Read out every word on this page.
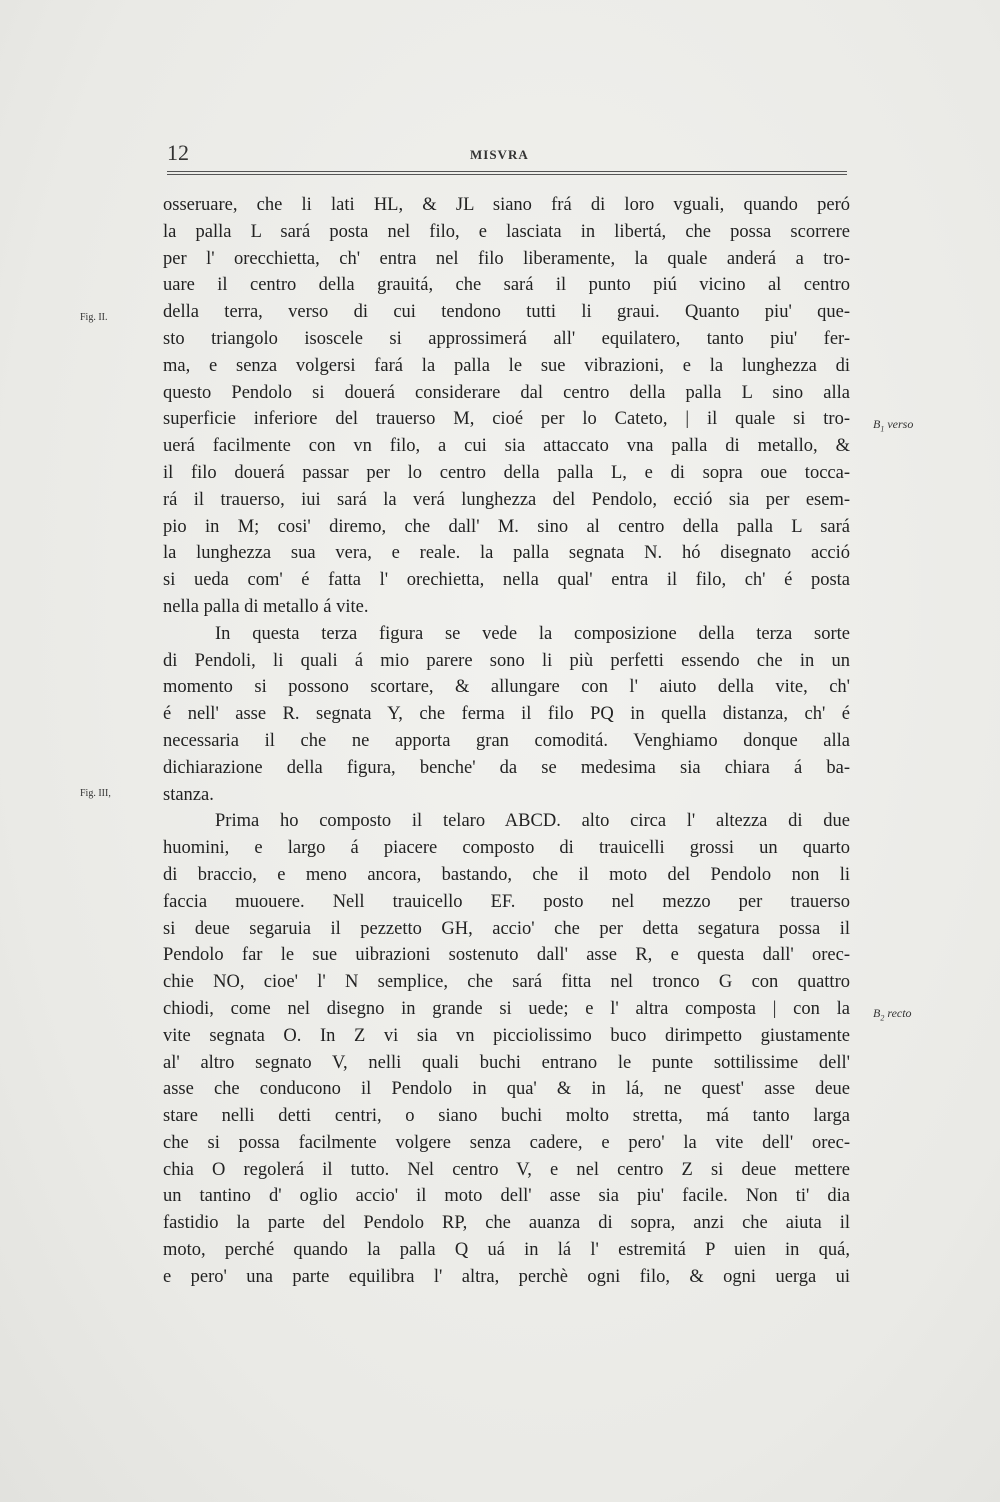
12	MISVRA
Fig. II.
Fig. III,
$B_1$ verso
$B_2$ recto
osseruare, che li lati HL, & JL siano frá di loro vguali, quando peró
la palla L sará posta nel filo, e lasciata in libertá, che possa scorrere
per l' orecchietta, ch' entra nel filo liberamente, la quale anderá a tro-
uare il centro della grauitá, che sará il punto piú vicino al centro
della terra, verso di cui tendono tutti li graui. Quanto piu' que-
sto triangolo isoscele si approssimerá all' equilatero, tanto piu' fer-
ma, e senza volgersi fará la palla le sue vibrazioni, e la lunghezza di
questo Pendolo si douerá considerare dal centro della palla L sino alla
superficie inferiore del trauerso M, cioé per lo Cateto, | il quale si tro-
uerá facilmente con vn filo, a cui sia attaccato vna palla di metallo, &
il filo douerá passar per lo centro della palla L, e di sopra oue tocca-
rá il trauerso, iui sará la verá lunghezza del Pendolo, ecció sia per esem-
pio in M; cosi' diremo, che dall' M. sino al centro della palla L sará
la lunghezza sua vera, e reale. la palla segnata N. hó disegnato acció
si ueda com' é fatta l' orechietta, nella qual' entra il filo, ch' é posta
nella palla di metallo á vite.
In questa terza figura se vede la composizione della terza sorte
di Pendoli, li quali á mio parere sono li più perfetti essendo che in un
momento si possono scortare, & allungare con l' aiuto della vite, ch'
é nell' asse R. segnata Y, che ferma il filo PQ in quella distanza, ch' é
necessaria il che ne apporta gran comoditá. Venghiamo donque alla
dichiarazione della figura, benche' da se medesima sia chiara á ba-
stanza.
Prima ho composto il telaro ABCD. alto circa l' altezza di due
huomini, e largo á piacere composto di trauicelli grossi un quarto
di braccio, e meno ancora, bastando, che il moto del Pendolo non li
faccia muouere. Nell trauicello EF. posto nel mezzo per trauerso
si deue segaruia il pezzetto GH, accio' che per detta segatura possa il
Pendolo far le sue uibrazioni sostenuto dall' asse R, e questa dall' orec-
chie NO, cioe' l' N semplice, che sará fitta nel tronco G con quattro
chiodi, come nel disegno in grande si uede; e l' altra composta | con la
vite segnata O. In Z vi sia vn picciolissimo buco dirimpetto giustamente
al' altro segnato V, nelli quali buchi entrano le punte sottilissime dell'
asse che conducono il Pendolo in qua' & in lá, ne quest' asse deue
stare nelli detti centri, o siano buchi molto stretta, má tanto larga
che si possa facilmente volgere senza cadere, e pero' la vite dell' orec-
chia O regolerá il tutto. Nel centro V, e nel centro Z si deue mettere
un tantino d' oglio accio' il moto dell' asse sia piu' facile. Non ti' dia
fastidio la parte del Pendolo RP, che auanza di sopra, anzi che aiuta il
moto, perché quando la palla Q uá in lá l' estremitá P uien in quá,
e pero' una parte equilibra l' altra, perchè ogni filo, & ogni uerga ui
